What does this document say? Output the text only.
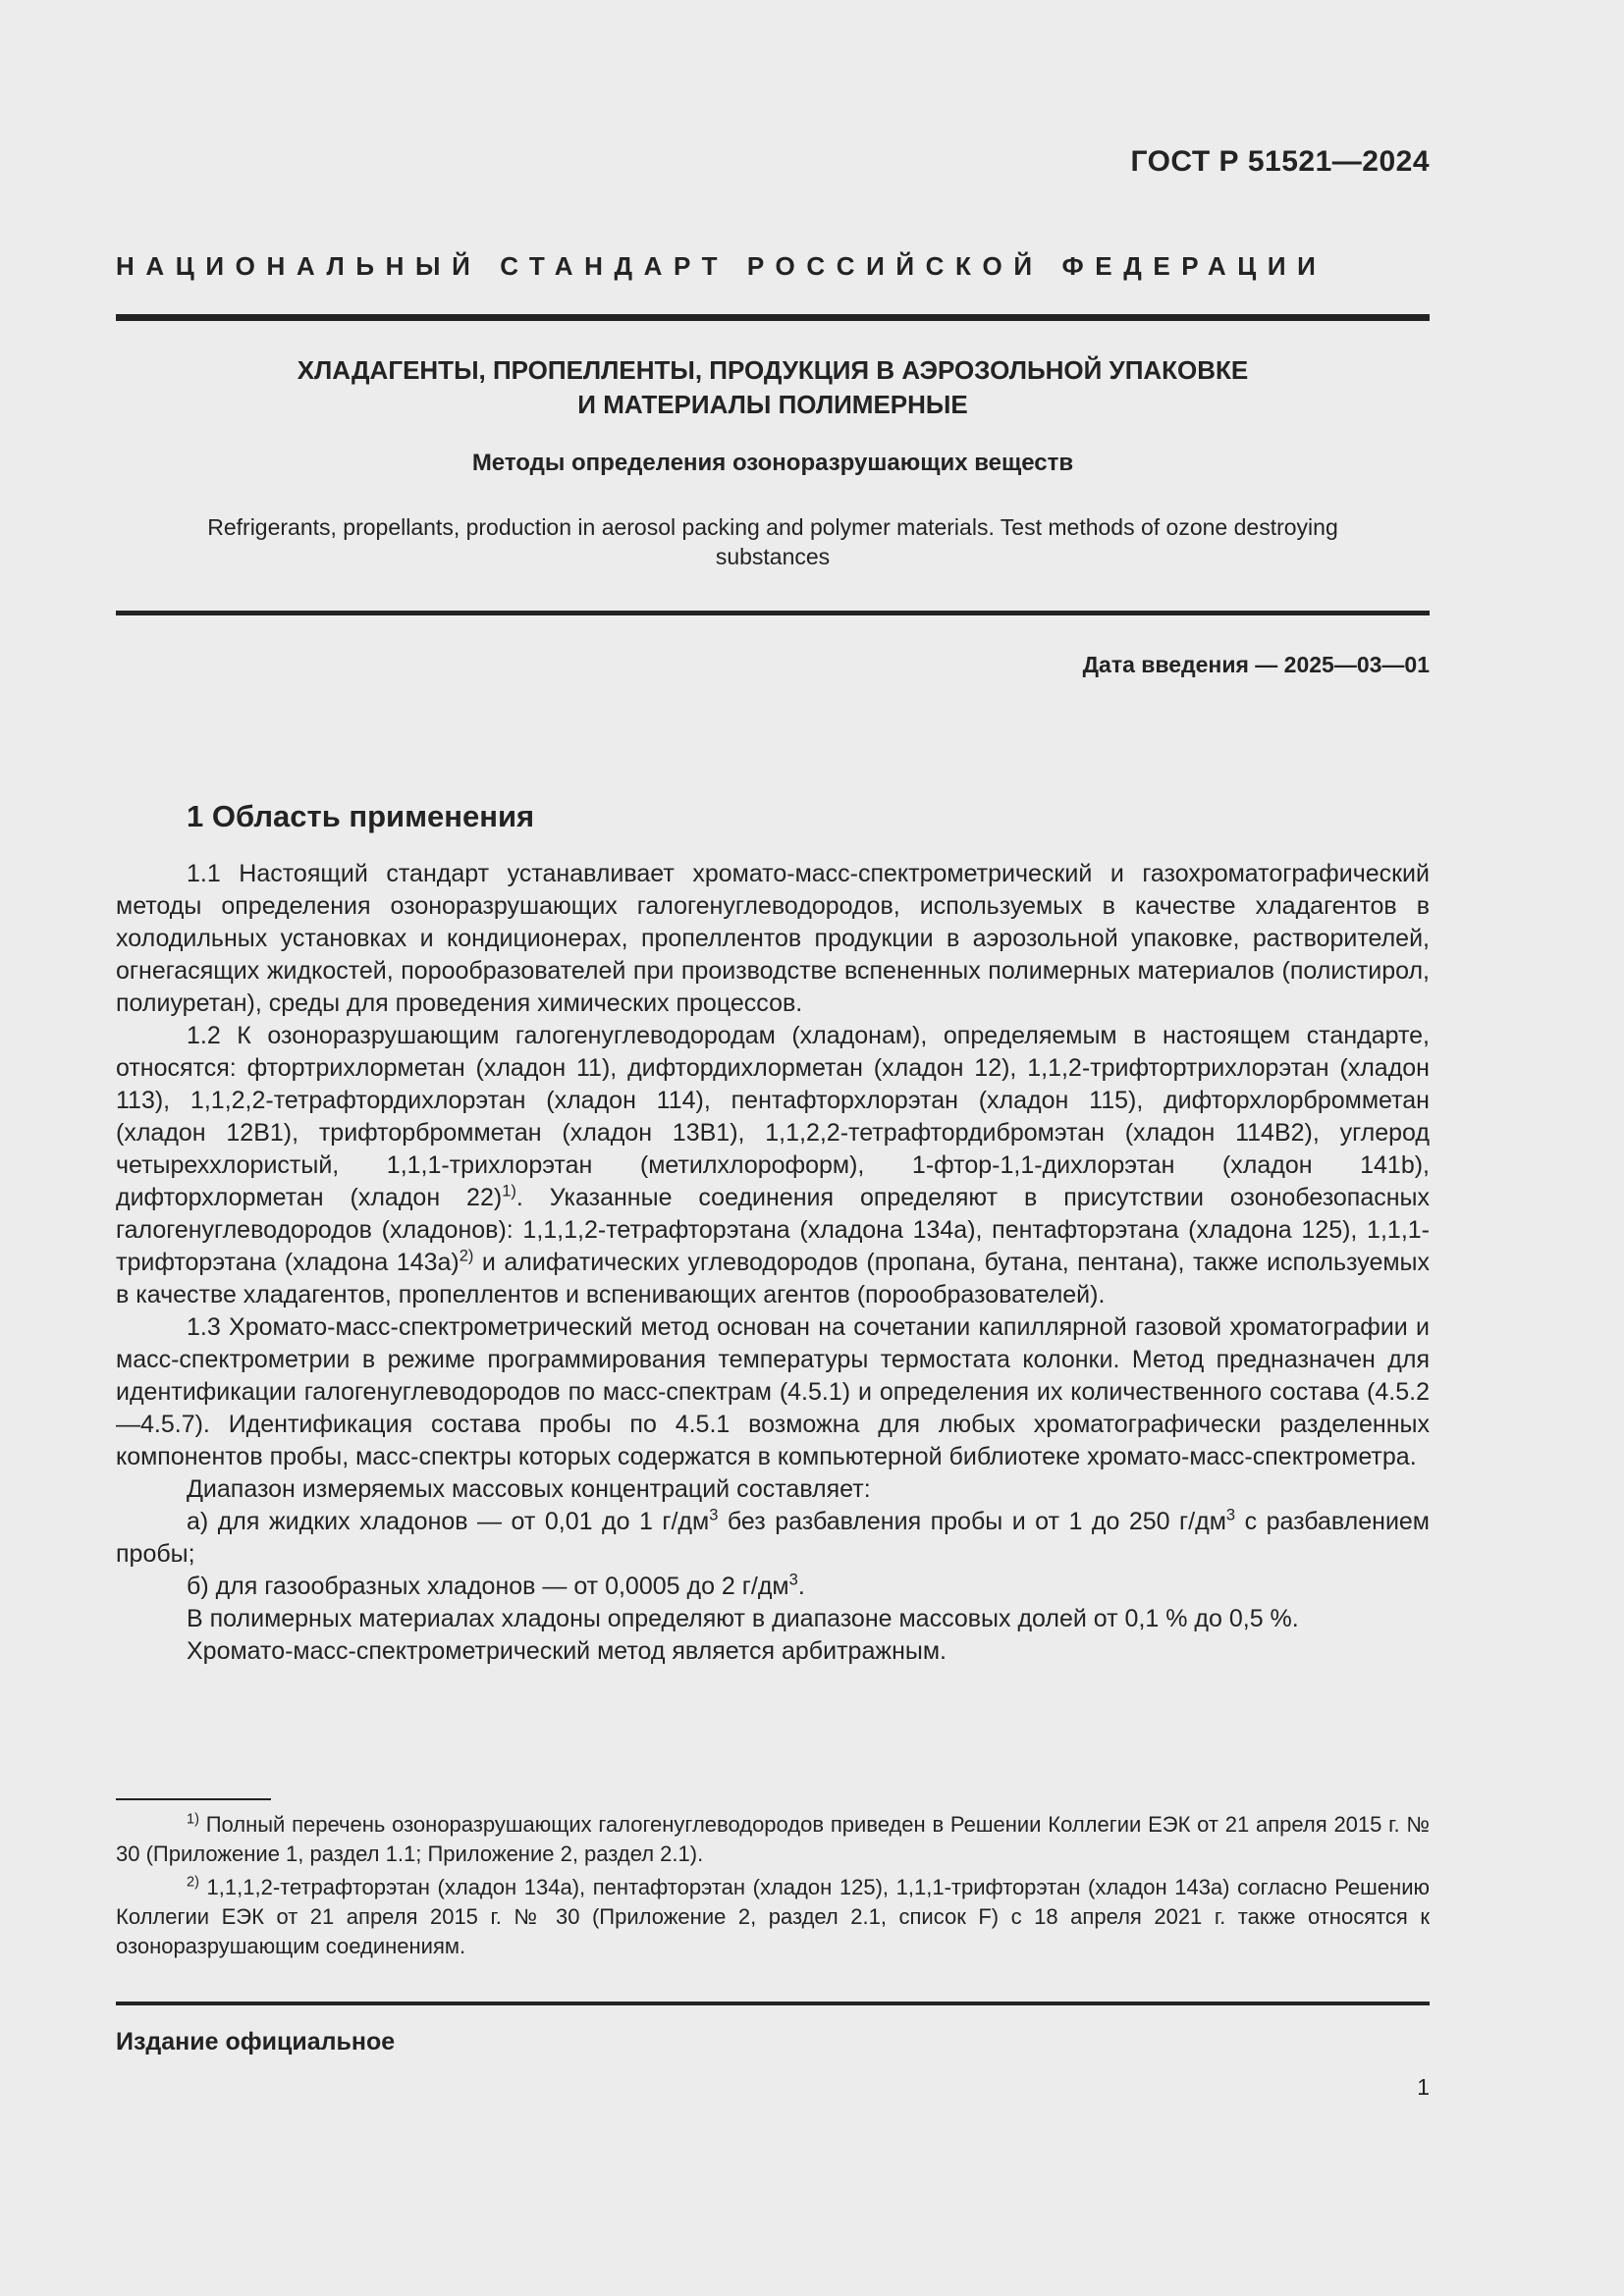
ГОСТ Р 51521—2024
НАЦИОНАЛЬНЫЙ СТАНДАРТ РОССИЙСКОЙ ФЕДЕРАЦИИ
ХЛАДАГЕНТЫ, ПРОПЕЛЛЕНТЫ, ПРОДУКЦИЯ В АЭРОЗОЛЬНОЙ УПАКОВКЕ
И МАТЕРИАЛЫ ПОЛИМЕРНЫЕ
Методы определения озоноразрушающих веществ
Refrigerants, propellants, production in aerosol packing and polymer materials. Test methods of ozone destroying substances
Дата введения — 2025—03—01
1 Область применения

1.1 Настоящий стандарт устанавливает хромато-масс-спектрометрический и газохроматографический методы определения озоноразрушающих галогенуглеводородов, используемых в качестве хладагентов в холодильных установках и кондиционерах, пропеллентов продукции в аэрозольной упаковке, растворителей, огнегасящих жидкостей, порообразователей при производстве вспененных полимерных материалов (полистирол, полиуретан), среды для проведения химических процессов.

1.2 К озоноразрушающим галогенуглеводородам (хладонам), определяемым в настоящем стандарте, относятся: фтортрихлорметан (хладон 11), дифтордихлорметан (хладон 12), 1,1,2-трифтортрихлорэтан (хладон 113), 1,1,2,2-тетрафтордихлорэтан (хладон 114), пентафторхлорэтан (хладон 115), дифторхлорбромметан (хладон 12В1), трифторбромметан (хладон 13В1), 1,1,2,2-тетрафтордибромэтан (хладон 114В2), углерод четыреххлористый, 1,1,1-трихлорэтан (метилхлороформ), 1-фтор-1,1-дихлорэтан (хладон 141b), дифторхлорметан (хладон 22)$^{1)}$. Указанные соединения определяют в присутствии озонобезопасных галогенуглеводородов (хладонов): 1,1,1,2-тетрафторэтана (хладона 134а), пентафторэтана (хладона 125), 1,1,1-трифторэтана (хладона 143а)$^{2)}$ и алифатических углеводородов (пропана, бутана, пентана), также используемых в качестве хладагентов, пропеллентов и вспенивающих агентов (порообразователей).

1.3 Хромато-масс-спектрометрический метод основан на сочетании капиллярной газовой хроматографии и масс-спектрометрии в режиме программирования температуры термостата колонки. Метод предназначен для идентификации галогенуглеводородов по масс-спектрам (4.5.1) и определения их количественного состава (4.5.2—4.5.7). Идентификация состава пробы по 4.5.1 возможна для любых хроматографически разделенных компонентов пробы, масс-спектры которых содержатся в компьютерной библиотеке хромато-масс-спектрометра.

Диапазон измеряемых массовых концентраций составляет:

а) для жидких хладонов — от 0,01 до 1 $г/дм^3$ без разбавления пробы и от 1 до 250 $г/дм^3$ с разбавлением пробы;

б) для газообразных хладонов — от 0,0005 до 2 $г/дм^3$.

В полимерных материалах хладоны определяют в диапазоне массовых долей от 0,1 % до 0,5 %.

Хромато-масс-спектрометрический метод является арбитражным.

$^{1)}$ Полный перечень озоноразрушающих галогенуглеводородов приведен в Решении Коллегии ЕЭК от 21 апреля 2015 г. № 30 (Приложение 1, раздел 1.1; Приложение 2, раздел 2.1).

$^{2)}$ 1,1,1,2-тетрафторэтан (хладон 134а), пентафторэтан (хладон 125), 1,1,1-трифторэтан (хладон 143а) согласно Решению Коллегии ЕЭК от 21 апреля 2015 г. № 30 (Приложение 2, раздел 2.1, список F) с 18 апреля 2021 г. также относятся к озоноразрушающим соединениям.

Издание официальное
1
